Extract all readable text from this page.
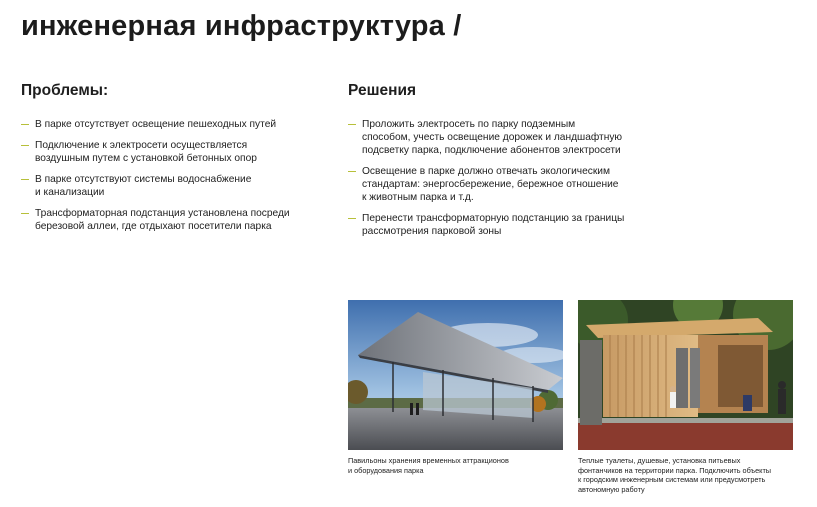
инженерная инфраструктура /
Проблемы:
В парке отсутствует освещение пешеходных путей
Подключение к электросети осуществляется
воздушным путем с установкой бетонных опор
В парке отсутствуют системы водоснабжение
и канализации
Трансформаторная подстанция установлена посреди
березовой аллеи, где отдыхают посетители парка
Решения
Проложить электросеть по парку подземным
способом, учесть освещение дорожек и ландшафтную
подсветку парка, подключение абонентов электросети
Освещение в парке должно отвечать экологическим
стандартам: энергосбережение, бережное отношение
к животным парка и т.д.
Перенести трансформаторную подстанцию за границы
рассмотрения парковой зоны
Павильоны хранения временных аттракционов
и оборудования парка
Теплые туалеты, душевые, установка питьевых
фонтанчиков на территории парка. Подключить объекты
к городским инженерным системам или предусмотреть
автономную работу
